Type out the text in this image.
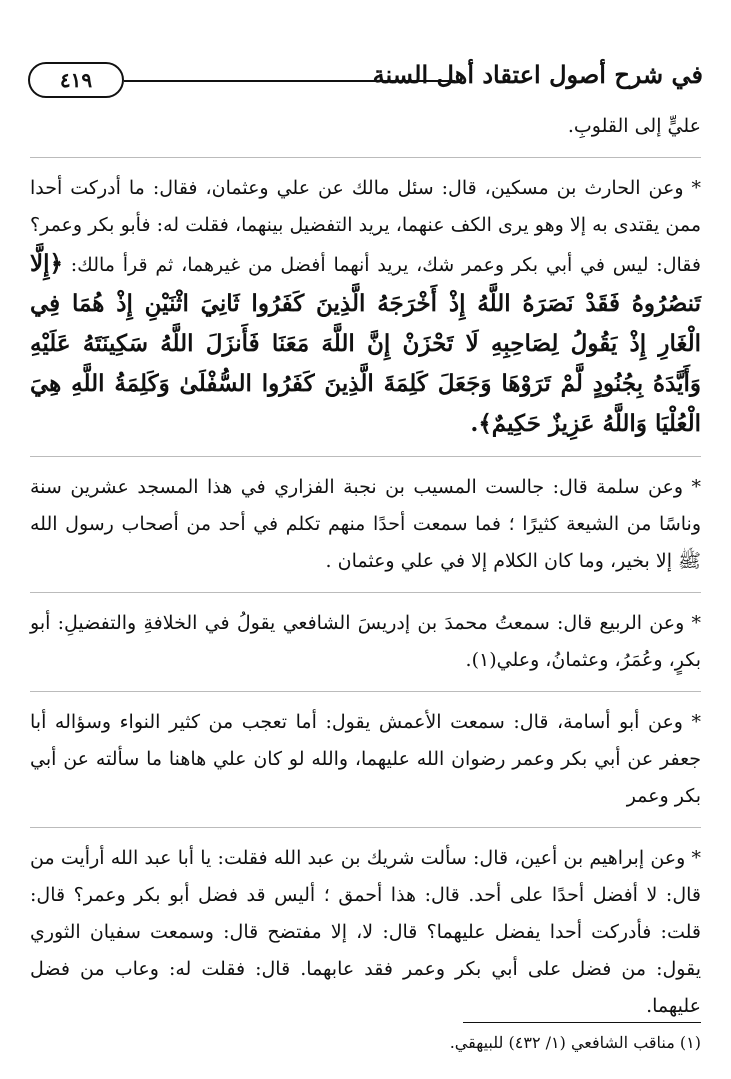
في شرح أصول اعتقاد أهل السنة
٤١٩

عليٍّ إلى القلوبِ.

* وعن الحارث بن مسكين، قال: سئل مالك عن علي وعثمان، فقال: ما أدركت أحدا ممن يقتدى به إلا وهو يرى الكف عنهما، يريد التفضيل بينهما، فقلت له: فأبو بكر وعمر؟ فقال: ليس في أبي بكر وعمر شك، يريد أنهما أفضل من غيرهما، ثم قرأ مالك: ﴿إِلَّا تَنصُرُوهُ فَقَدْ نَصَرَهُ اللَّهُ إِذْ أَخْرَجَهُ الَّذِينَ كَفَرُوا ثَانِيَ اثْنَيْنِ إِذْ هُمَا فِي الْغَارِ إِذْ يَقُولُ لِصَاحِبِهِ لَا تَحْزَنْ إِنَّ اللَّهَ مَعَنَا فَأَنزَلَ اللَّهُ سَكِينَتَهُ عَلَيْهِ وَأَيَّدَهُ بِجُنُودٍ لَّمْ تَرَوْهَا وَجَعَلَ كَلِمَةَ الَّذِينَ كَفَرُوا السُّفْلَىٰ وَكَلِمَةُ اللَّهِ هِيَ الْعُلْيَا وَاللَّهُ عَزِيزٌ حَكِيمٌ﴾.

* وعن سلمة قال: جالست المسيب بن نجبة الفزاري في هذا المسجد عشرين سنة وناسًا من الشيعة كثيرًا ؛ فما سمعت أحدًا منهم تكلم في أحد من أصحاب رسول الله ﷺ إلا بخير، وما كان الكلام إلا في علي وعثمان .

* وعن الربيع قال: سمعتُ محمدَ بن إدريسَ الشافعي يقولُ في الخلافةِ والتفضيلِ: أبو بكرٍ، وعُمَرُ، وعثمانُ، وعلي(١).

* وعن أبو أسامة، قال: سمعت الأعمش يقول: أما تعجب من كثير النواء وسؤاله أبا جعفر عن أبي بكر وعمر رضوان الله عليهما، والله لو كان علي هاهنا ما سألته عن أبي بكر وعمر

* وعن إبراهيم بن أعين، قال: سألت شريك بن عبد الله فقلت: يا أبا عبد الله أرأيت من قال: لا أفضل أحدًا على أحد. قال: هذا أحمق ؛ أليس قد فضل أبو بكر وعمر؟ قال: قلت: فأدركت أحدا يفضل عليهما؟ قال: لا، إلا مفتضح قال: وسمعت سفيان الثوري يقول: من فضل على أبي بكر وعمر فقد عابهما. قال: فقلت له: وعاب من فضل عليهما.

(١) مناقب الشافعي (١/ ٤٣٢) للبيهقي.
